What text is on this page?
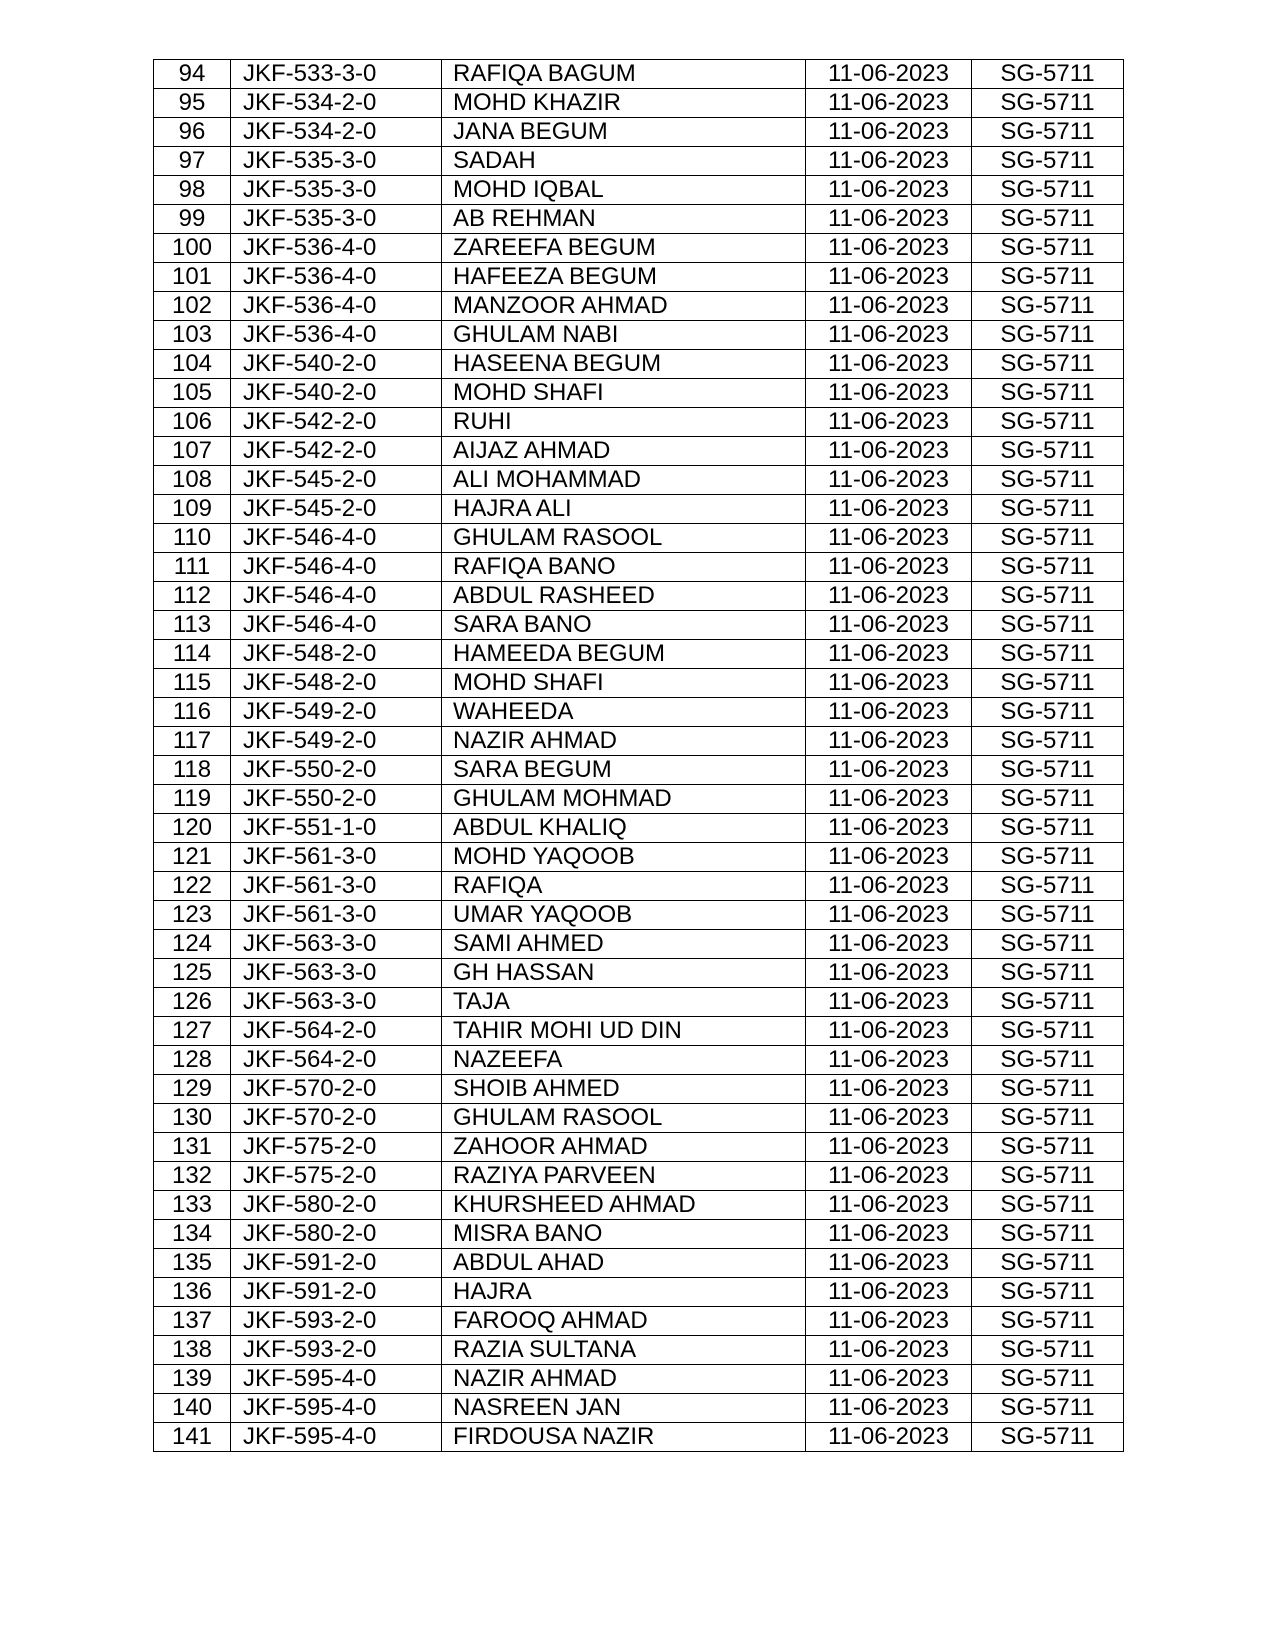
94	JKF-533-3-0	RAFIQA BAGUM	11-06-2023	SG-5711
95	JKF-534-2-0	MOHD KHAZIR	11-06-2023	SG-5711
96	JKF-534-2-0	JANA BEGUM	11-06-2023	SG-5711
97	JKF-535-3-0	SADAH	11-06-2023	SG-5711
98	JKF-535-3-0	MOHD IQBAL	11-06-2023	SG-5711
99	JKF-535-3-0	AB REHMAN	11-06-2023	SG-5711
100	JKF-536-4-0	ZAREEFA BEGUM	11-06-2023	SG-5711
101	JKF-536-4-0	HAFEEZA BEGUM	11-06-2023	SG-5711
102	JKF-536-4-0	MANZOOR AHMAD	11-06-2023	SG-5711
103	JKF-536-4-0	GHULAM NABI	11-06-2023	SG-5711
104	JKF-540-2-0	HASEENA BEGUM	11-06-2023	SG-5711
105	JKF-540-2-0	MOHD SHAFI	11-06-2023	SG-5711
106	JKF-542-2-0	RUHI	11-06-2023	SG-5711
107	JKF-542-2-0	AIJAZ AHMAD	11-06-2023	SG-5711
108	JKF-545-2-0	ALI MOHAMMAD	11-06-2023	SG-5711
109	JKF-545-2-0	HAJRA ALI	11-06-2023	SG-5711
110	JKF-546-4-0	GHULAM RASOOL	11-06-2023	SG-5711
111	JKF-546-4-0	RAFIQA BANO	11-06-2023	SG-5711
112	JKF-546-4-0	ABDUL RASHEED	11-06-2023	SG-5711
113	JKF-546-4-0	SARA BANO	11-06-2023	SG-5711
114	JKF-548-2-0	HAMEEDA BEGUM	11-06-2023	SG-5711
115	JKF-548-2-0	MOHD SHAFI	11-06-2023	SG-5711
116	JKF-549-2-0	WAHEEDA	11-06-2023	SG-5711
117	JKF-549-2-0	NAZIR AHMAD	11-06-2023	SG-5711
118	JKF-550-2-0	SARA BEGUM	11-06-2023	SG-5711
119	JKF-550-2-0	GHULAM MOHMAD	11-06-2023	SG-5711
120	JKF-551-1-0	ABDUL KHALIQ	11-06-2023	SG-5711
121	JKF-561-3-0	MOHD YAQOOB	11-06-2023	SG-5711
122	JKF-561-3-0	RAFIQA	11-06-2023	SG-5711
123	JKF-561-3-0	UMAR YAQOOB	11-06-2023	SG-5711
124	JKF-563-3-0	SAMI AHMED	11-06-2023	SG-5711
125	JKF-563-3-0	GH HASSAN	11-06-2023	SG-5711
126	JKF-563-3-0	TAJA	11-06-2023	SG-5711
127	JKF-564-2-0	TAHIR MOHI UD DIN	11-06-2023	SG-5711
128	JKF-564-2-0	NAZEEFA	11-06-2023	SG-5711
129	JKF-570-2-0	SHOIB AHMED	11-06-2023	SG-5711
130	JKF-570-2-0	GHULAM RASOOL	11-06-2023	SG-5711
131	JKF-575-2-0	ZAHOOR AHMAD	11-06-2023	SG-5711
132	JKF-575-2-0	RAZIYA PARVEEN	11-06-2023	SG-5711
133	JKF-580-2-0	KHURSHEED AHMAD	11-06-2023	SG-5711
134	JKF-580-2-0	MISRA BANO	11-06-2023	SG-5711
135	JKF-591-2-0	ABDUL AHAD	11-06-2023	SG-5711
136	JKF-591-2-0	HAJRA	11-06-2023	SG-5711
137	JKF-593-2-0	FAROOQ AHMAD	11-06-2023	SG-5711
138	JKF-593-2-0	RAZIA SULTANA	11-06-2023	SG-5711
139	JKF-595-4-0	NAZIR AHMAD	11-06-2023	SG-5711
140	JKF-595-4-0	NASREEN JAN	11-06-2023	SG-5711
141	JKF-595-4-0	FIRDOUSA NAZIR	11-06-2023	SG-5711
